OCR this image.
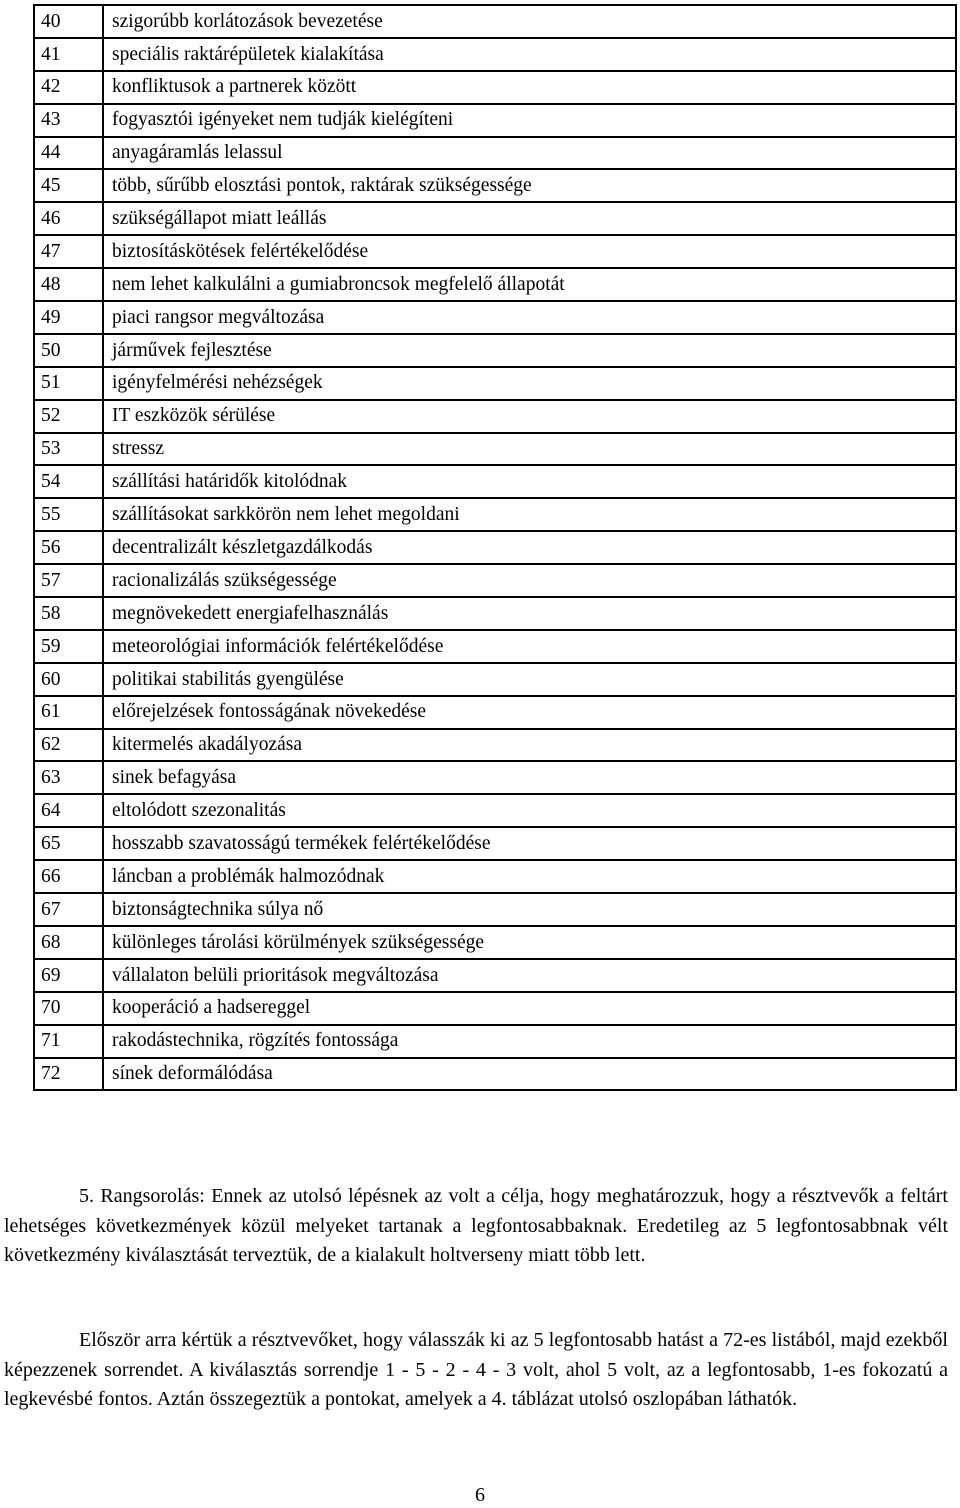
40	szigorúbb korlátozások bevezetése
41	speciális raktárépületek kialakítása
42	konfliktusok a partnerek között
43	fogyasztói igényeket nem tudják kielégíteni
44	anyagáramlás lelassul
45	több, sűrűbb elosztási pontok, raktárak szükségessége
46	szükségállapot miatt leállás
47	biztosításkötések felértékelődése
48	nem lehet kalkulálni a gumiabroncsok megfelelő állapotát
49	piaci rangsor megváltozása
50	járművek fejlesztése
51	igényfelmérési nehézségek
52	IT eszközök sérülése
53	stressz
54	szállítási határidők kitolódnak
55	szállításokat sarkkörön nem lehet megoldani
56	decentralizált készletgazdálkodás
57	racionalizálás szükségessége
58	megnövekedett energiafelhasználás
59	meteorológiai információk felértékelődése
60	politikai stabilitás gyengülése
61	előrejelzések fontosságának növekedése
62	kitermelés akadályozása
63	sinek befagyása
64	eltolódott szezonalitás
65	hosszabb szavatosságú termékek felértékelődése
66	láncban a problémák halmozódnak
67	biztonságtechnika súlya nő
68	különleges tárolási körülmények szükségessége
69	vállalaton belüli prioritások megváltozása
70	kooperáció a hadsereggel
71	rakodástechnika, rögzítés fontossága
72	sínek deformálódása

5. Rangsorolás: Ennek az utolsó lépésnek az volt a célja, hogy meghatározzuk, hogy a résztvevők a feltárt lehetséges következmények közül melyeket tartanak a legfontosabbaknak. Eredetileg az 5 legfontosabbnak vélt következmény kiválasztását terveztük, de a kialakult holtverseny miatt több lett.

Először arra kértük a résztvevőket, hogy válasszák ki az 5 legfontosabb hatást a 72-es listából, majd ezekből képezzenek sorrendet. A kiválasztás sorrendje 1 - 5 - 2 - 4 - 3 volt, ahol 5 volt, az a legfontosabb, 1-es fokozatú a legkevésbé fontos. Aztán összegeztük a pontokat, amelyek a 4. táblázat utolsó oszlopában láthatók.

6
